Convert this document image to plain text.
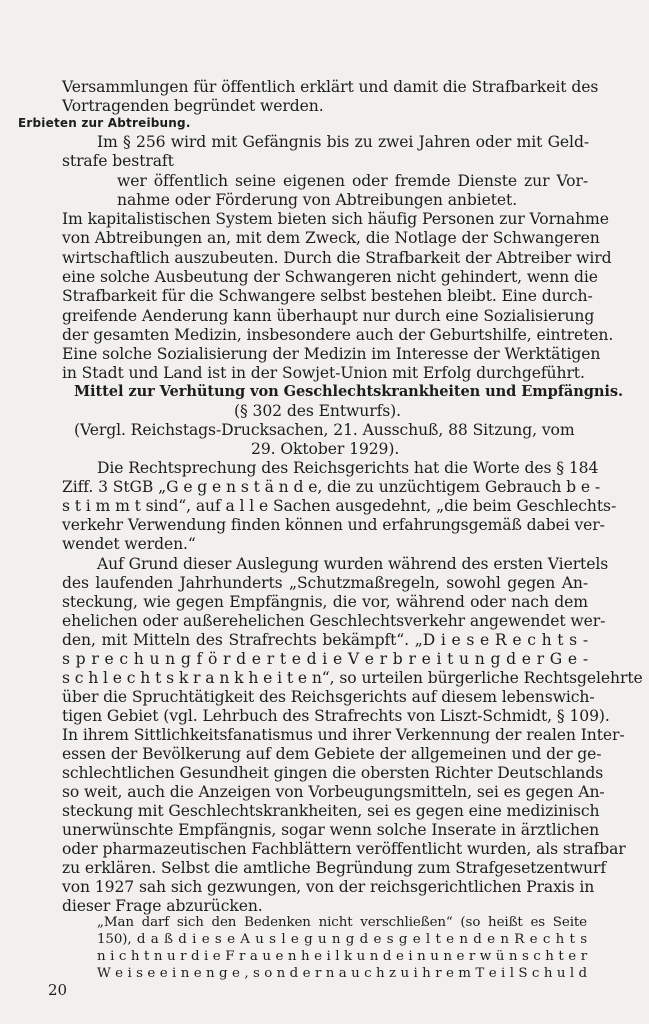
Versammlungen für öffentlich erklärt und damit die Strafbarkeit des
Vortragenden begründet werden.
Erbieten zur Abtreibung.
Im § 256 wird mit Gefängnis bis zu zwei Jahren oder mit Geld-
strafe bestraft
wer öffentlich seine eigenen oder fremde Dienste zur Vor-
nahme oder Förderung von Abtreibungen anbietet.
Im kapitalistischen System bieten sich häufig Personen zur Vornahme
von Abtreibungen an, mit dem Zweck, die Notlage der Schwangeren
wirtschaftlich auszubeuten. Durch die Strafbarkeit der Abtreiber wird
eine solche Ausbeutung der Schwangeren nicht gehindert, wenn die
Strafbarkeit für die Schwangere selbst bestehen bleibt. Eine durch-
greifende Aenderung kann überhaupt nur durch eine Sozialisierung
der gesamten Medizin, insbesondere auch der Geburtshilfe, eintreten.
Eine solche Sozialisierung der Medizin im Interesse der Werktätigen
in Stadt und Land ist in der Sowjet-Union mit Erfolg durchgeführt.
Mittel zur Verhütung von Geschlechtskrankheiten und Empfängnis.
(§ 302 des Entwurfs).
(Vergl. Reichstags-Drucksachen, 21. Ausschuß, 88 Sitzung, vom
29. Oktober 1929).
Die Rechtsprechung des Reichsgerichts hat die Worte des § 184
Ziff. 3 StGB „G e g e n s t ä n d e, die zu unzüchtigem Gebrauch b e -
s t i m m t sind“, auf a l l e Sachen ausgedehnt, „die beim Geschlechts-
verkehr Verwendung finden können und erfahrungsgemäß dabei ver-
wendet werden.“
Auf Grund dieser Auslegung wurden während des ersten Viertels
des laufenden Jahrhunderts „Schutzmaßregeln, sowohl gegen An-
steckung, wie gegen Empfängnis, die vor, während oder nach dem
ehelichen oder außerehelichen Geschlechtsverkehr angewendet wer-
den, mit Mitteln des Strafrechts bekämpft“. „D i e s e R e c h t s -
s p r e c h u n g f ö r d e r t e d i e V e r b r e i t u n g d e r G e -
s c h l e c h t s k r a n k h e i t e n“, so urteilen bürgerliche Rechtsgelehrte
über die Spruchtätigkeit des Reichsgerichts auf diesem lebenswich-
tigen Gebiet (vgl. Lehrbuch des Strafrechts von Liszt-Schmidt, § 109).
In ihrem Sittlichkeitsfanatismus und ihrer Verkennung der realen Inter-
essen der Bevölkerung auf dem Gebiete der allgemeinen und der ge-
schlechtlichen Gesundheit gingen die obersten Richter Deutschlands
so weit, auch die Anzeigen von Vorbeugungsmitteln, sei es gegen An-
steckung mit Geschlechtskrankheiten, sei es gegen eine medizinisch
unerwünschte Empfängnis, sogar wenn solche Inserate in ärztlichen
oder pharmazeutischen Fachblättern veröffentlicht wurden, als strafbar
zu erklären. Selbst die amtliche Begründung zum Strafgesetzentwurf
von 1927 sah sich gezwungen, von der reichsgerichtlichen Praxis in
dieser Frage abzurücken.
„Man darf sich den Bedenken nicht verschließen“ (so heißt es Seite
150), d a ß d i e s e A u s l e g u n g d e s g e l t e n d e n R e c h t s
n i c h t n u r d i e F r a u e n h e i l k u n d e i n u n e r w ü n s c h t e r
W e i s e e i n e n g e , s o n d e r n a u c h z u i h r e m T e i l S c h u l d
20
